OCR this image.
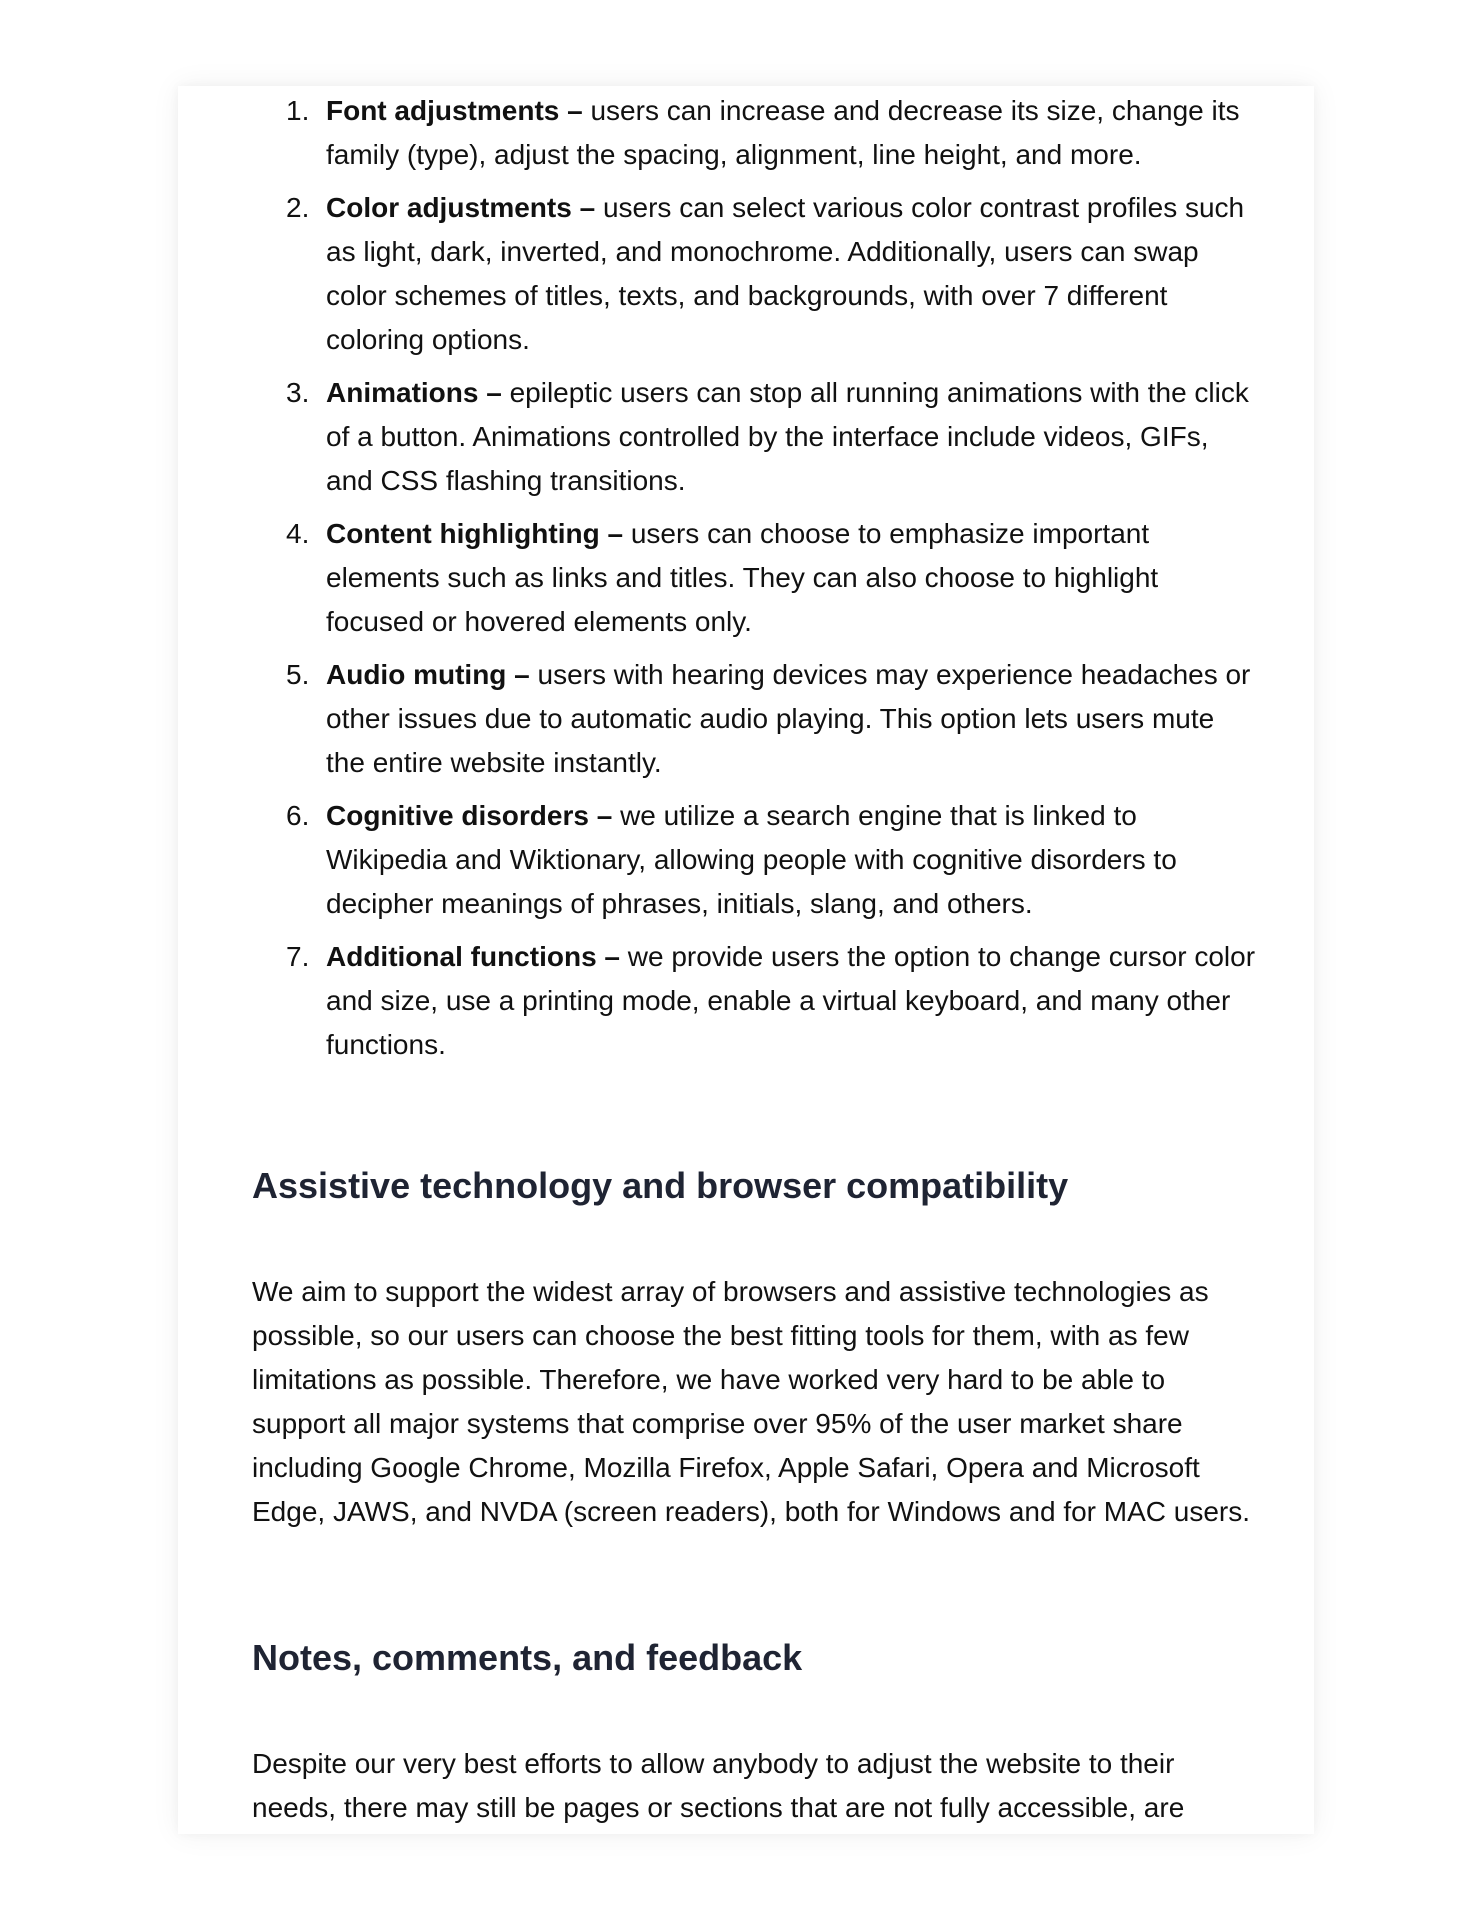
1. Font adjustments – users can increase and decrease its size, change its family (type), adjust the spacing, alignment, line height, and more.
2. Color adjustments – users can select various color contrast profiles such as light, dark, inverted, and monochrome. Additionally, users can swap color schemes of titles, texts, and backgrounds, with over 7 different coloring options.
3. Animations – epileptic users can stop all running animations with the click of a button. Animations controlled by the interface include videos, GIFs, and CSS flashing transitions.
4. Content highlighting – users can choose to emphasize important elements such as links and titles. They can also choose to highlight focused or hovered elements only.
5. Audio muting – users with hearing devices may experience headaches or other issues due to automatic audio playing. This option lets users mute the entire website instantly.
6. Cognitive disorders – we utilize a search engine that is linked to Wikipedia and Wiktionary, allowing people with cognitive disorders to decipher meanings of phrases, initials, slang, and others.
7. Additional functions – we provide users the option to change cursor color and size, use a printing mode, enable a virtual keyboard, and many other functions.
Assistive technology and browser compatibility

We aim to support the widest array of browsers and assistive technologies as possible, so our users can choose the best fitting tools for them, with as few limitations as possible. Therefore, we have worked very hard to be able to support all major systems that comprise over 95% of the user market share including Google Chrome, Mozilla Firefox, Apple Safari, Opera and Microsoft Edge, JAWS, and NVDA (screen readers), both for Windows and for MAC users.

Notes, comments, and feedback

Despite our very best efforts to allow anybody to adjust the website to their needs, there may still be pages or sections that are not fully accessible, are
